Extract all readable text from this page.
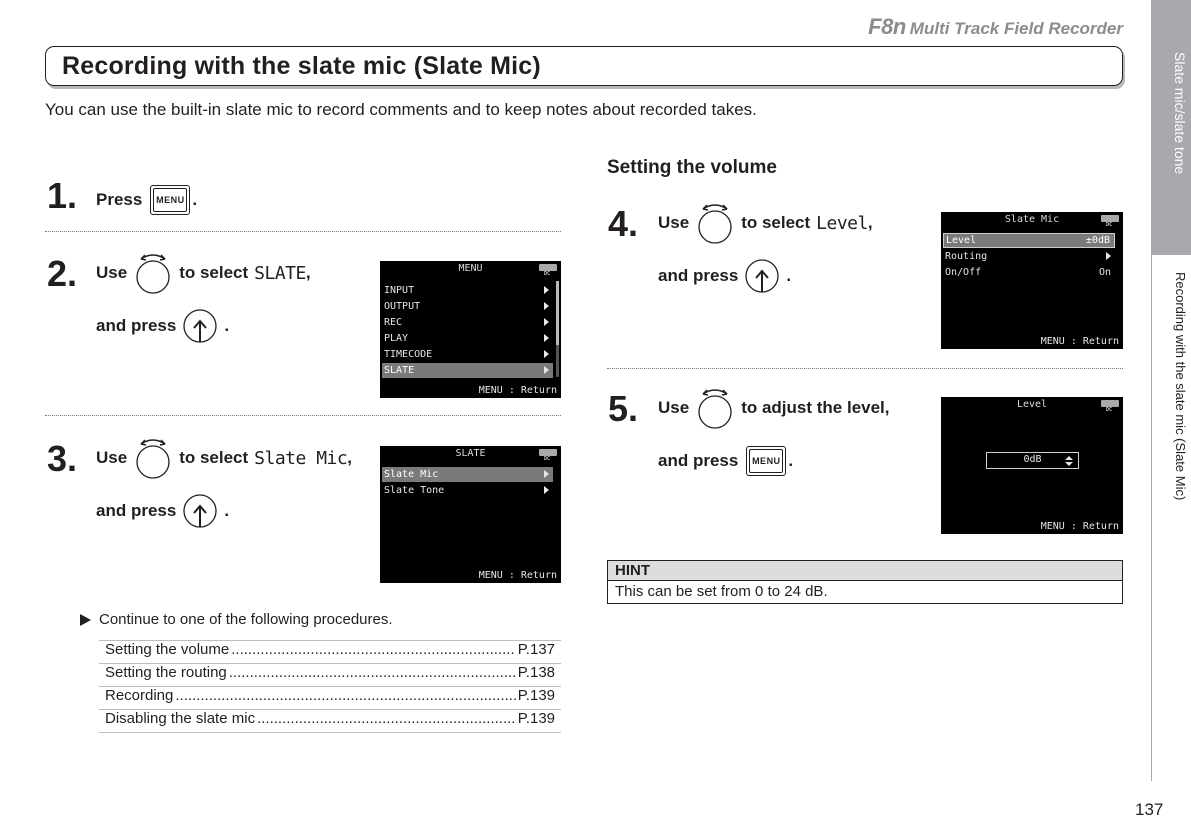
F8n Multi Track Field Recorder
Slate mic/slate tone
Recording with the slate mic (Slate Mic)
137
Recording with the slate mic (Slate Mic)
You can use the built-in slate mic to record comments and to keep notes about recorded takes.
1. Press MENU .
2. Use	to select SLATE ,
and press	.
MENU	DC
INPUT
OUTPUT
REC
PLAY
TIMECODE
SLATE
MENU : Return
3. Use	to select Slate Mic ,
and press	.
SLATE	DC
Slate Mic
Slate Tone
MENU : Return
Continue to one of the following procedures.
Setting the volume .....	P.137
Setting the routing .....	P.138
Recording .....	P.139
Disabling the slate mic .....	P.139
Setting the volume
4. Use	to select Level ,
and press	.
Slate Mic	DC
Level	±0dB
Routing
On/Off	On
MENU : Return
5. Use	to adjust the level,
and press MENU .
Level	DC
0dB
MENU : Return
HINT
This can be set from 0 to 24 dB.
